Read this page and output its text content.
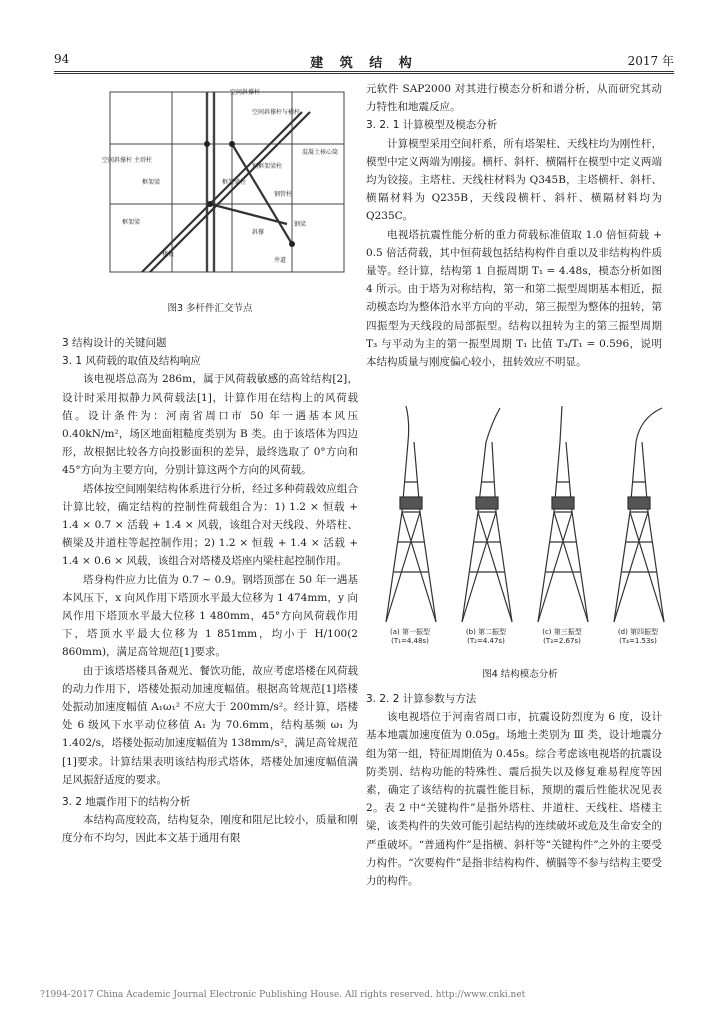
94	建 筑 结 构	2017 年
空间斜撑杆
空间斜撑杆 主塔柱
框架梁	框架梁柱
钢梁
井道
空间斜撑杆与横杆
钢框架梁柱
钢管柱
混凝土核心筒
框架梁
楼板
斜撑
图3 多杆件汇交节点

3 结构设计的关键问题

3. 1 风荷载的取值及结构响应

该电视塔总高为 286m，属于风荷载敏感的高耸结构[2]，设计时采用拟静力风荷载法[1]，计算作用在结构上的风荷载值。设计条件为：河南省周口市 50 年一遇基本风压 0.40kN/m²，场区地面粗糙度类别为 B 类。由于该塔体为四边形，故根据比较各方向投影面积的差异，最终选取了 0°方向和 45°方向为主要方向，分别计算这两个方向的风荷载。

塔体按空间刚架结构体系进行分析，经过多种荷载效应组合计算比较，确定结构的控制性荷载组合为：1) 1.2 × 恒载 + 1.4 × 0.7 × 活载 + 1.4 × 风载，该组合对天线段、外塔柱、横梁及井道柱等起控制作用；2) 1.2 × 恒载 + 1.4 × 活载 + 1.4 × 0.6 × 风载，该组合对塔楼及塔座内梁柱起控制作用。

塔身构件应力比值为 0.7 ~ 0.9。钢塔顶部在 50 年一遇基本风压下，x 向风作用下塔顶水平最大位移为 1 474mm，y 向风作用下塔顶水平最大位移 1 480mm，45°方向风荷载作用下，塔顶水平最大位移为 1 851mm，均小于 H/100(2 860mm)，满足高耸规范[1]要求。

由于该塔塔楼具备观光、餐饮功能，故应考虑塔楼在风荷载的动力作用下，塔楼处振动加速度幅值。根据高耸规范[1]塔楼处振动加速度幅值 A₁ω₁² 不应大于 200mm/s²。经计算，塔楼处 6 级风下水平动位移值 A₁ 为 70.6mm，结构基频 ω₁ 为 1.402/s，塔楼处振动加速度幅值为 138mm/s²，满足高耸规范[1]要求。计算结果表明该结构形式塔体，塔楼处加速度幅值满足风振舒适度的要求。

3. 2 地震作用下的结构分析

本结构高度较高，结构复杂，刚度和阻尼比较小，质量和刚度分布不均匀，因此本文基于通用有限

元软件 SAP2000 对其进行模态分析和谱分析，从而研究其动力特性和地震反应。

3. 2. 1 计算模型及模态分析

计算模型采用空间杆系，所有塔架柱、天线柱均为刚性杆，模型中定义两端为刚接。横杆、斜杆、横隔杆在模型中定义两端均为铰接。主塔柱、天线柱材料为 Q345B，主塔横杆、斜杆、横隔材料为 Q235B，天线段横杆、斜杆、横隔材料均为 Q235C。

电视塔抗震性能分析的重力荷载标准值取 1.0 倍恒荷载 + 0.5 倍活荷载，其中恒荷载包括结构构件自重以及非结构构件质量等。经计算，结构第 1 自振周期 T₁ = 4.48s，模态分析如图 4 所示。由于塔为对称结构，第一和第二振型周期基本相近，振动模态均为整体沿水平方向的平动，第三振型为整体的扭转，第四振型为天线段的局部振型。结构以扭转为主的第三振型周期 T₃ 与平动为主的第一振型周期 T₁ 比值 T₃/T₁ = 0.596，说明本结构质量与刚度偏心较小，扭转效应不明显。

(a) 第一振型
(T₁=4.48s)
(b) 第二振型
(T₂=4.47s)
(c) 第三振型
(T₃=2.67s)
(d) 第四振型
(T₄=1.53s)
图4 结构模态分析

3. 2. 2 计算参数与方法

该电视塔位于河南省周口市，抗震设防烈度为 6 度，设计基本地震加速度值为 0.05g。场地土类别为 Ⅲ 类，设计地震分组为第一组，特征周期值为 0.45s。综合考虑该电视塔的抗震设防类别、结构功能的特殊性、震后损失以及修复难易程度等因素，确定了该结构的抗震性能目标，预期的震后性能状况见表 2。表 2 中“关键构件”是指外塔柱、井道柱、天线柱、塔楼主梁，该类构件的失效可能引起结构的连续破坏或危及生命安全的严重破坏。“普通构件”是指横、斜杆等“关键构件”之外的主要受力构件。“次要构件”是指非结构构件、横膈等不参与结构主要受力的构件。

?1994-2017 China Academic Journal Electronic Publishing House. All rights reserved. http://www.cnki.net
